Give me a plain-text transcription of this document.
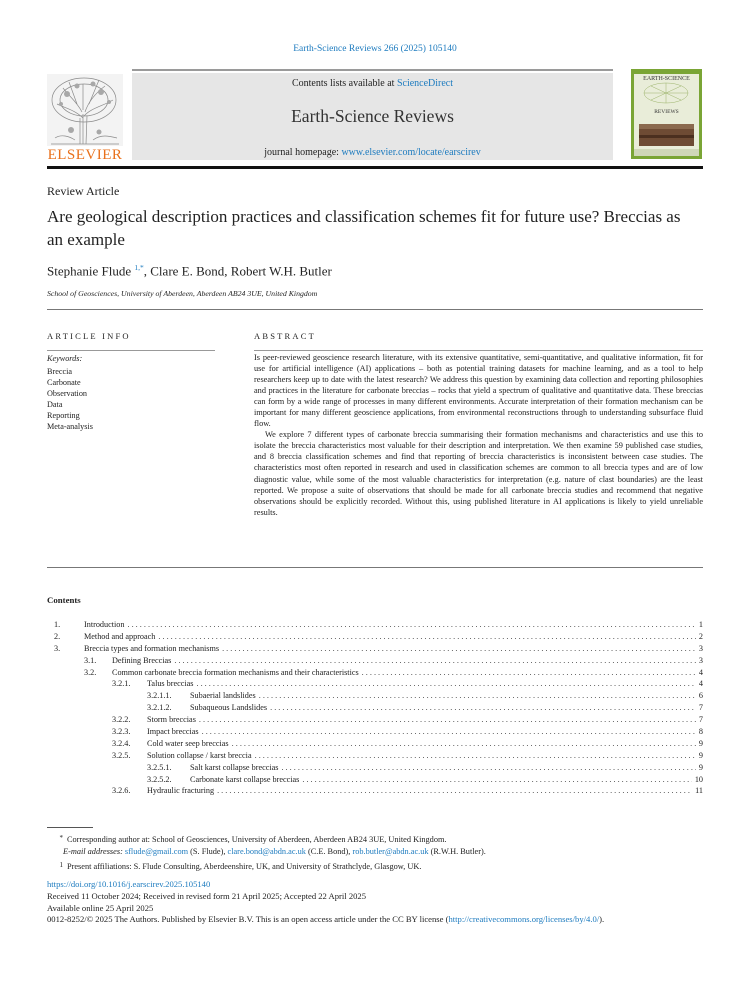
Earth-Science Reviews 266 (2025) 105140
ELSEVIER
Contents lists available at ScienceDirect
Earth-Science Reviews
journal homepage: www.elsevier.com/locate/earscirev
EARTH-SCIENCE
REVIEWS
Review Article
Are geological description practices and classification schemes fit for future use? Breccias as an example
Stephanie Flude $^{1,*}$, Clare E. Bond, Robert W.H. Butler
School of Geosciences, University of Aberdeen, Aberdeen AB24 3UE, United Kingdom
ARTICLE INFO
Keywords:
Breccia
Carbonate
Observation
Data
Reporting
Meta-analysis
ABSTRACT

Is peer-reviewed geoscience research literature, with its extensive quantitative, semi-quantitative, and qualitative information, fit for use for artificial intelligence (AI) applications – both as potential training datasets for machine learning, and as a tool to help researchers keep up to date with the latest research? We address this question by examining data collection and reporting philosophies and practices in the literature for carbonate breccias – rocks that yield a spectrum of qualitative and quantitative data. These breccias can form by a wide range of processes in many different environments. Accurate interpretation of their formation mechanism can be important for many different geoscience applications, from environmental reconstructions through to understanding subsurface fluid flow.

We explore 7 different types of carbonate breccia summarising their formation mechanisms and characteristics and use this to isolate the breccia characteristics most valuable for their description and interpretation. We then examine 59 published case studies, and 8 breccia classification schemes and find that reporting of breccia characteristics is inconsistent between case studies. The characteristics most often reported in research and used in classification schemes are common to all breccia types and are of low diagnostic value, while some of the most valuable characteristics for interpretation (e.g. nature of clast boundaries) are the least reported. We propose a suite of observations that should be made for all carbonate breccia studies and recommend that negative observations should be explicitly recorded. Without this, using published literature in AI applications is likely to yield unreliable results.

Contents
1.	Introduction . . .	1
2.	Method and approach . . .	2
3.	Breccia types and formation mechanisms . . .	3
3.1.	Defining Breccias . . .	3
3.2.	Common carbonate breccia formation mechanisms and their characteristics . . .	4
3.2.1.	Talus breccias . . .	4
3.2.1.1.	Subaerial landslides . . .	6
3.2.1.2.	Subaqueous Landslides . . .	7
3.2.2.	Storm breccias . . .	7
3.2.3.	Impact breccias . . .	8
3.2.4.	Cold water seep breccias . . .	9
3.2.5.	Solution collapse / karst breccia . . .	9
3.2.5.1.	Salt karst collapse breccias . . .	9
3.2.5.2.	Carbonate karst collapse breccias . . .	10
3.2.6.	Hydraulic fracturing . . .	11
* Corresponding author at: School of Geosciences, University of Aberdeen, Aberdeen AB24 3UE, United Kingdom.
E-mail addresses: sflude@gmail.com (S. Flude), clare.bond@abdn.ac.uk (C.E. Bond), rob.butler@abdn.ac.uk (R.W.H. Butler).
1 Present affiliations: S. Flude Consulting, Aberdeenshire, UK, and University of Strathclyde, Glasgow, UK.
https://doi.org/10.1016/j.earscirev.2025.105140
Received 11 October 2024; Received in revised form 21 April 2025; Accepted 22 April 2025
Available online 25 April 2025
0012-8252/© 2025 The Authors. Published by Elsevier B.V. This is an open access article under the CC BY license (http://creativecommons.org/licenses/by/4.0/).
